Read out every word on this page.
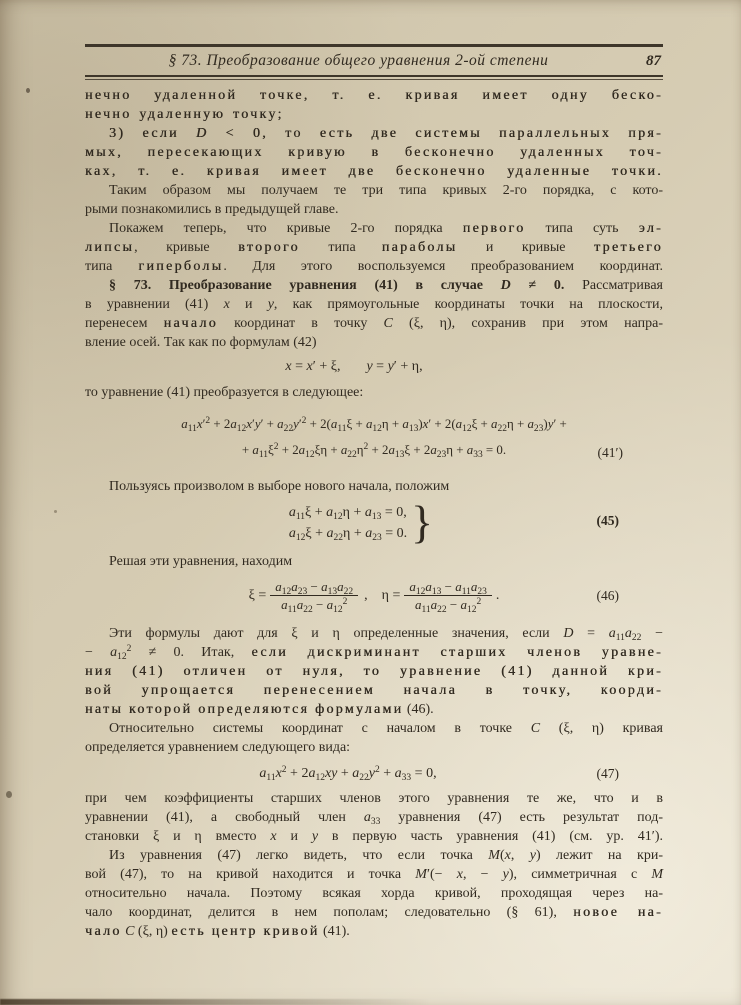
§ 73. Преобразование общего уравнения 2-ой степени	87
нечно удаленной точке, т. е. кривая имеет одну беско-
нечно удаленную точку;
3) если D < 0, то есть две системы параллельных пря-
мых, пересекающих кривую в бесконечно удаленных точ-
ках, т. е. кривая имеет две бесконечно удаленные точки.
Таким образом мы получаем те три типа кривых 2-го порядка, с кото-
рыми познакомились в предыдущей главе.
Покажем теперь, что кривые 2-го порядка первого типа суть эл-
липсы, кривые второго типа параболы и кривые третьего
типа гиперболы. Для этого воспользуемся преобразованием координат.
§ 73. Преобразование уравнения (41) в случае D ≠ 0. Рассматривая
в уравнении (41) x и y, как прямоугольные координаты точки на плоскости,
перенесем начало координат в точку C (ξ, η), сохранив при этом напра-
вление осей. Так как по формулам (42)
x = x′ + ξ, y = y′ + η,
то уравнение (41) преобразуется в следующее:
$a_{11}x'^2 + 2a_{12}x'y' + a_{22}y'^2 + 2(a_{11}\xi + a_{12}\eta + a_{13})x' + 2(a_{12}\xi + a_{22}\eta + a_{23})y'$ +
+ $a_{11}\xi^2 + 2a_{12}\xi\eta + a_{22}\eta^2 + 2a_{13}\xi + 2a_{23}\eta + a_{33} = 0$.	(41′)
Пользуясь произволом в выборе нового начала, положим
$a_{11}\xi + a_{12}\eta + a_{13} = 0$,
$a_{12}\xi + a_{22}\eta + a_{23} = 0$. }	(45)
Решая эти уравнения, находим
$\xi = \frac{a_{12}a_{23} - a_{13}a_{22}}{a_{11}a_{22} - a_{12}^2}$ , $\eta = \frac{a_{12}a_{13} - a_{11}a_{23}}{a_{11}a_{22} - a_{12}^2}$ .	(46)
Эти формулы дают для ξ и η определенные значения, если $D = a_{11}a_{22}$ −
− $a_{12}^2 \ne 0$. Итак, если дискриминант старших членов уравне-
ния (41) отличен от нуля, то уравнение (41) данной кри-
вой упрощается перенесением начала в точку, коорди-
наты которой определяются формулами (46).
Относительно системы координат с началом в точке C (ξ, η) кривая
определяется уравнением следующего вида:
$a_{11}x^2 + 2a_{12}xy + a_{22}y^2 + a_{33} = 0$,	(47)
при чем коэффициенты старших членов этого уравнения те же, что и в
уравнении (41), а свободный член $a_{33}$ уравнения (47) есть результат под-
становки ξ и η вместо x и y в первую часть уравнения (41) (см. ур. 41′).
Из уравнения (47) легко видеть, что если точка M(x, y) лежит на кри-
вой (47), то на кривой находится и точка M′(− x, − y), симметричная с M
относительно начала. Поэтому всякая хорда кривой, проходящая через на-
чало координат, делится в нем пополам; следовательно (§ 61), новое на-
чало C (ξ, η) есть центр кривой (41).
